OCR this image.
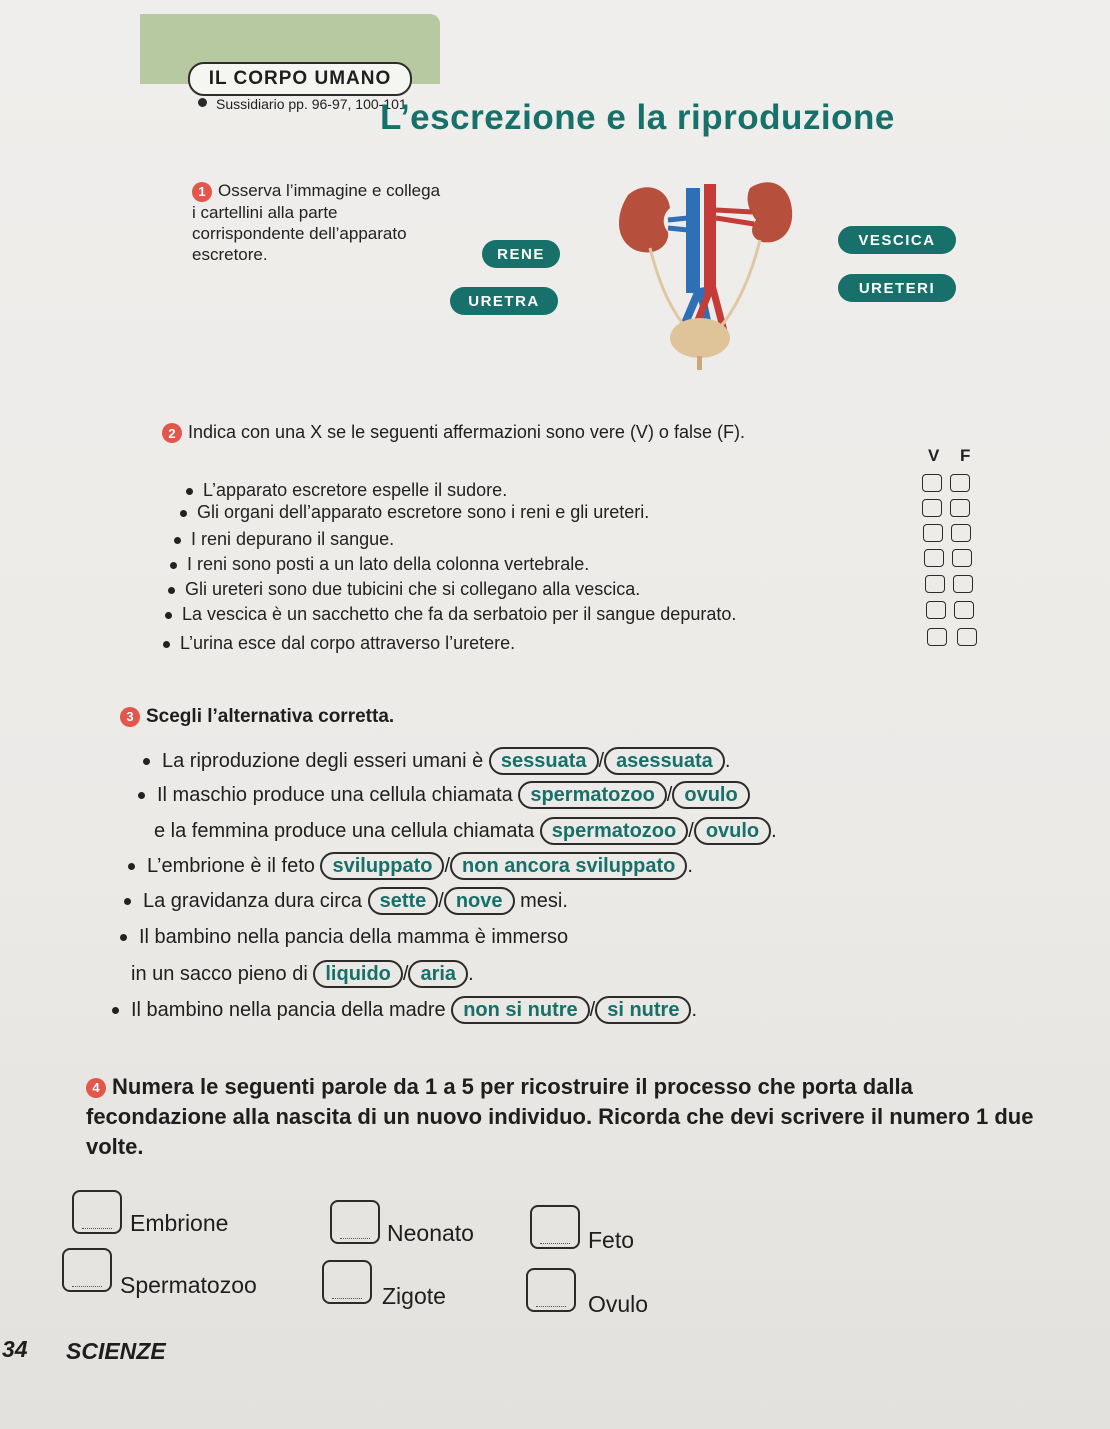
IL CORPO UMANO
Sussidiario pp. 96-97, 100-101
L’escrezione e la riproduzione
1 Osserva l’immagine e collega i cartellini alla parte corrispondente dell’apparato escretore.	RENE
URETRA
VESCICA
URETERI
2 Indica con una X se le seguenti affermazioni sono vere (V) o false (F).
V F
L’apparato escretore espelle il sudore.
Gli organi dell’apparato escretore sono i reni e gli ureteri.
I reni depurano il sangue.
I reni sono posti a un lato della colonna vertebrale.
Gli ureteri sono due tubicini che si collegano alla vescica.
La vescica è un sacchetto che fa da serbatoio per il sangue depurato.
L’urina esce dal corpo attraverso l’uretere.
3 Scegli l’alternativa corretta.
La riproduzione degli esseri umani è sessuata / asessuata .
Il maschio produce una cellula chiamata spermatozoo / ovulo
e la femmina produce una cellula chiamata spermatozoo / ovulo .
L’embrione è il feto sviluppato / non ancora sviluppato .
La gravidanza dura circa sette / nove mesi.
Il bambino nella pancia della mamma è immerso
in un sacco pieno di liquido / aria .
Il bambino nella pancia della madre non si nutre / si nutre .
4 Numera le seguenti parole da 1 a 5 per ricostruire il processo che porta dalla fecondazione alla nascita di un nuovo individuo. Ricorda che devi scrivere il numero 1 due volte.
Embrione	Neonato	Feto
Spermatozoo	Zigote	Ovulo
34 SCIENZE
